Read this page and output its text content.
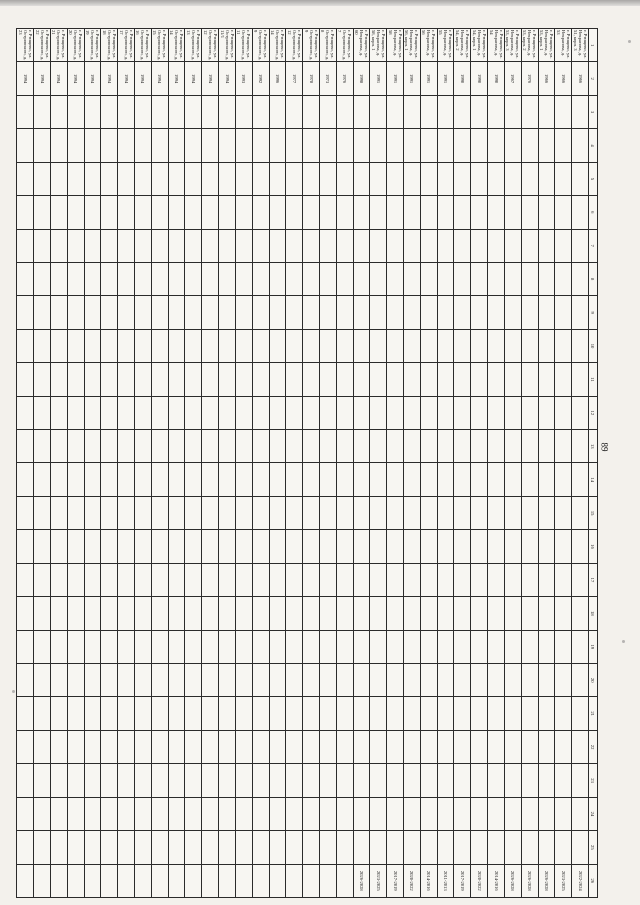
89
1	2	3	4	5	6	7	8	9	10	11	12	13	14	15	16	17	18	19	20	21	22	23	24	25	26
г. Ртищево, ул. Некрасова, д. 51, корп. 3	1966																								2022-2024
г. Ртищево, ул. Некрасова, д. 53	1966																								2023-2025
г. Ртищево, ул. Некрасова, д. 53, корп. 1	1966																								2026-2028
г. Ртищево, ул. Некрасова, д. 53, корп. 2	1976																								2026-2028
г. Ртищево, ул. Некрасова, д. 53, корп. 3	1967																								2026-2028
г. Ртищево, ул. Некрасова, д. 54	1990																								2014-2016
г. Ртищево, ул. Некрасова, д. 54, корп. 1	1990																								2020-2022
г. Ртищево, ул. Некрасова, д. 54, корп. 2	1990																								2017-2019
г. Ртищево, ул. Некрасова, д. 55	1991																								2011-2013
г. Ртищево, ул. Некрасова, д. 56	1991																								2014-2016
г. Ртищево, ул. Некрасова, д. 56, корп. 1	1991																								2020-2022
г. Ртищево, ул. Некрасова, д. 58	1991																								2017-2019
г. Ртищево, ул. Некрасова, д. 58, корп. 1	1991																								2023-2025
г. Ртищево, ул. Некрасова, д. 60	1998																								2026-2028
г. Ртищево, ул. Островского, д. 7	1976																								
г. Ртищево, ул. Островского, д. 8	1973																								
г. Ртищево, ул. Островского, д. 9	1978																								
г. Ртищево, ул. Островского, д. 12	1977																								
г. Ртищево, ул. Островского, д. 14	1996																								
г. Ртищево, ул. Островского, д. 9	1992																								
г. Ртищево, ул. Островского, д. 11	1993																								
г. Ртищево, ул. Островского, д. 11/1	1994																								
г. Ртищево, ул. Островского, д. 12	1994																								
г. Ртищево, ул. Островского, д. 13	1994																								
г. Ртищево, ул. Островского, д. 14	1994																								
г. Ртищево, ул. Островского, д. 15	1994																								
г. Ртищево, ул. Островского, д. 16	1994																								
г. Ртищево, ул. Островского, д. 17	1994																								
г. Ртищево, ул. Островского, д. 18	1994																								
г. Ртищево, ул. Островского, д. 19	1994																								
г. Ртищево, ул. Островского, д. 20	1994																								
г. Ртищево, ул. Островского, д. 21	1994																								
г. Ртищево, ул. Островского, д. 22	1994																								
г. Ртищево, ул. Островского, д. 23	1994																								
